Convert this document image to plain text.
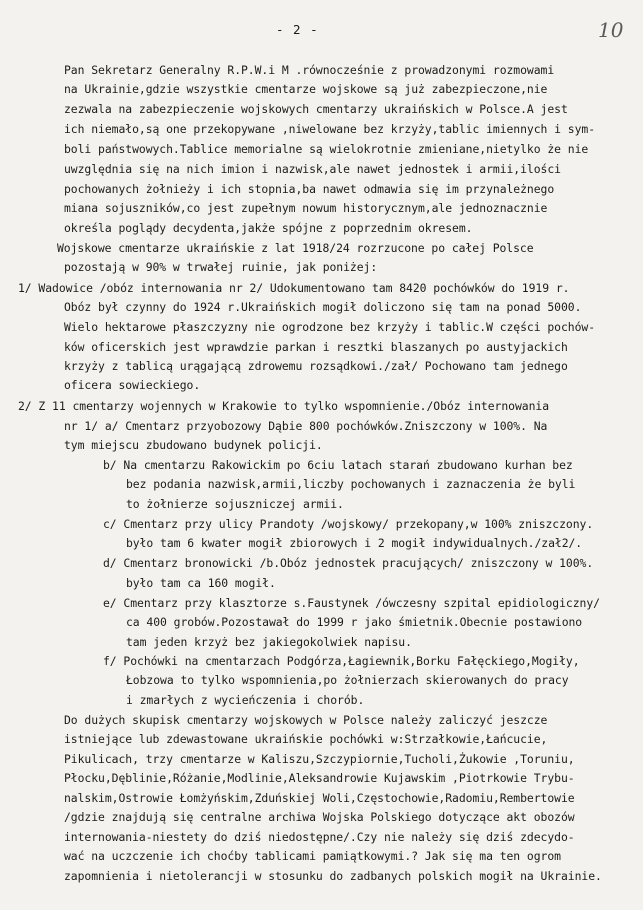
- 2 -	10
Pan Sekretarz Generalny R.P.W.i M .równocześnie z prowadzonymi rozmowami
na Ukrainie,gdzie wszystkie cmentarze wojskowe są już zabezpieczone,nie
zezwala na zabezpieczenie wojskowych cmentarzy ukraińskich w Polsce.A jest
ich niemało,są one przekopywane ,niwelowane bez krzyży,tablic imiennych i sym-
boli państwowych.Tablice memorialne są wielokrotnie zmieniane,nietylko że nie
uwzględnia się na nich imion i nazwisk,ale nawet jednostek i armii,ilości
pochowanych żołnieży i ich stopnia,ba nawet odmawia się im przynależnego
miana sojuszników,co jest zupełnym nowum historycznym,ale jednoznacznie
określa poglądy decydenta,jakże spójne z poprzednim okresem.
Wojskowe cmentarze ukraińskie z lat 1918/24 rozrzucone po całej Polsce
pozostają w 90% w trwałej ruinie, jak poniżej:
1/ Wadowice /obóz internowania nr 2/ Udokumentowano tam 8420 pochówków do 1919 r.
Obóz był czynny do 1924 r.Ukraińskich mogił doliczono się tam na ponad 5000.
Wielo hektarowe płaszczyzny nie ogrodzone bez krzyży i tablic.W części pochów-
ków oficerskich jest wprawdzie parkan i resztki blaszanych po austyjackich
krzyży z tablicą urągającą zdrowemu rozsądkowi./zał/ Pochowano tam jednego
oficera sowieckiego.
2/ Z 11 cmentarzy wojennych w Krakowie to tylko wspomnienie./Obóz internowania
nr 1/ a/ Cmentarz przyobozowy Dąbie 800 pochówków.Zniszczony w 100%. Na
tym miejscu zbudowano budynek policji.
b/ Na cmentarzu Rakowickim po 6ciu latach starań zbudowano kurhan bez
bez podania nazwisk,armii,liczby pochowanych i zaznaczenia że byli
to żołnierze sojuszniczej armii.
c/ Cmentarz przy ulicy Prandoty /wojskowy/ przekopany,w 100% zniszczony.
było tam 6 kwater mogił zbiorowych i 2 mogił indywidualnych./zał2/.
d/ Cmentarz bronowicki /b.Obóz jednostek pracujących/ zniszczony w 100%.
było tam ca 160 mogił.
e/ Cmentarz przy klasztorze s.Faustynek /ówczesny szpital epidiologiczny/
ca 400 grobów.Pozostawał do 1999 r jako śmietnik.Obecnie postawiono
tam jeden krzyż bez jakiegokolwiek napisu.
f/ Pochówki na cmentarzach Podgórza,Łagiewnik,Borku Fałęckiego,Mogiły,
Łobzowa to tylko wspomnienia,po żołnierzach skierowanych do pracy
i zmarłych z wycieńczenia i chorób.
Do dużych skupisk cmentarzy wojskowych w Polsce należy zaliczyć jeszcze
istniejące lub zdewastowane ukraińskie pochówki w:Strzałkowie,Łańcucie,
Pikulicach, trzy cmentarze w Kaliszu,Szczypiornie,Tucholi,Żukowie ,Toruniu,
Płocku,Dęblinie,Różanie,Modlinie,Aleksandrowie Kujawskim ,Piotrkowie Trybu-
nalskim,Ostrowie Łomżyńskim,Zduńskiej Woli,Częstochowie,Radomiu,Rembertowie
/gdzie znajdują się centralne archiwa Wojska Polskiego dotyczące akt obozów
internowania-niestety do dziś niedostępne/.Czy nie należy się dziś zdecydo-
wać na uczczenie ich choćby tablicami pamiątkowymi.? Jak się ma ten ogrom
zapomnienia i nietolerancji w stosunku do zadbanych polskich mogił na Ukrainie.
